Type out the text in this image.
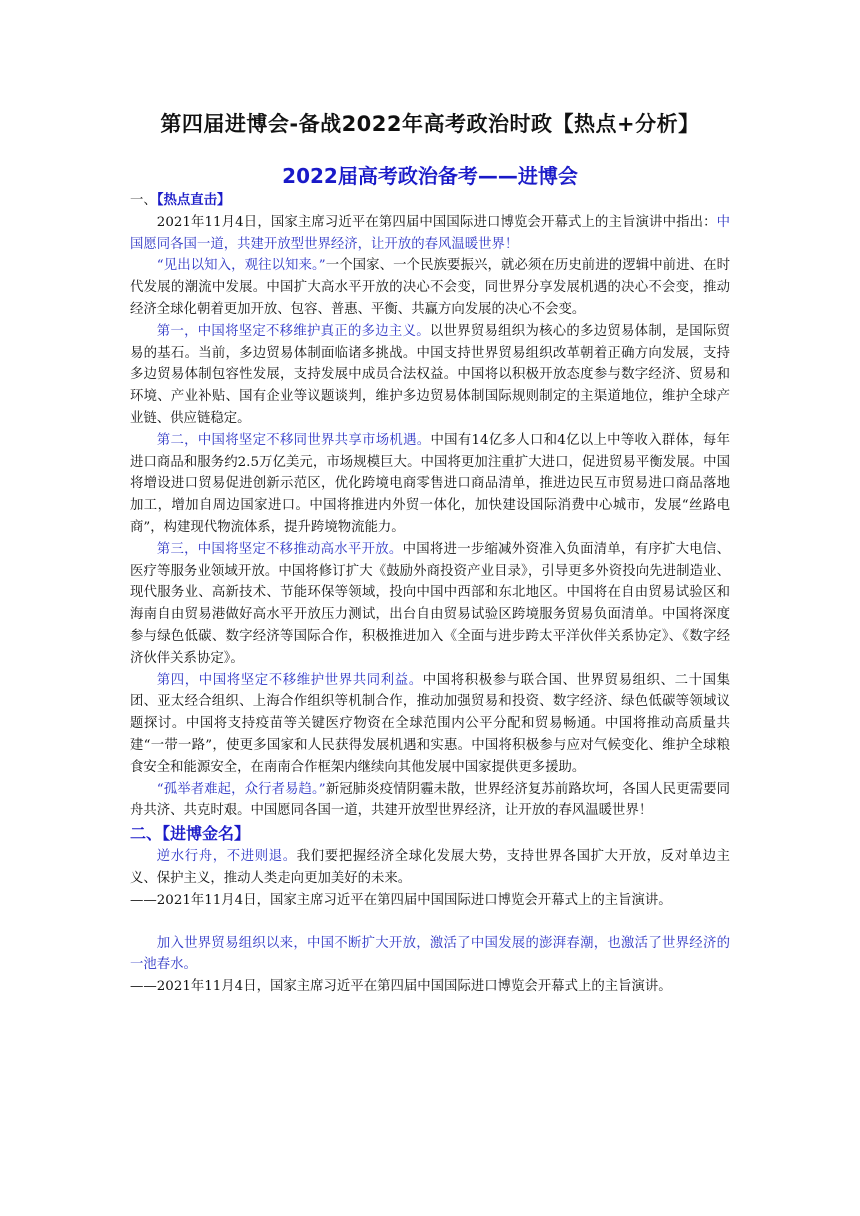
第四届进博会-备战2022年高考政治时政【热点+分析】
2022届高考政治备考——进博会

一、【热点直击】

2021年11月4日，国家主席习近平在第四届中国国际进口博览会开幕式上的主旨演讲中指出：中国愿同各国一道，共建开放型世界经济，让开放的春风温暖世界！

“见出以知入，观往以知来。”一个国家、一个民族要振兴，就必须在历史前进的逻辑中前进、在时代发展的潮流中发展。中国扩大高水平开放的决心不会变，同世界分享发展机遇的决心不会变，推动经济全球化朝着更加开放、包容、普惠、平衡、共赢方向发展的决心不会变。

第一，中国将坚定不移维护真正的多边主义。以世界贸易组织为核心的多边贸易体制，是国际贸易的基石。当前，多边贸易体制面临诸多挑战。中国支持世界贸易组织改革朝着正确方向发展，支持多边贸易体制包容性发展，支持发展中成员合法权益。中国将以积极开放态度参与数字经济、贸易和环境、产业补贴、国有企业等议题谈判，维护多边贸易体制国际规则制定的主渠道地位，维护全球产业链、供应链稳定。

第二，中国将坚定不移同世界共享市场机遇。中国有14亿多人口和4亿以上中等收入群体，每年进口商品和服务约2.5万亿美元，市场规模巨大。中国将更加注重扩大进口，促进贸易平衡发展。中国将增设进口贸易促进创新示范区，优化跨境电商零售进口商品清单，推进边民互市贸易进口商品落地加工，增加自周边国家进口。中国将推进内外贸一体化，加快建设国际消费中心城市，发展“丝路电商”，构建现代物流体系，提升跨境物流能力。

第三，中国将坚定不移推动高水平开放。中国将进一步缩减外资准入负面清单，有序扩大电信、医疗等服务业领域开放。中国将修订扩大《鼓励外商投资产业目录》，引导更多外资投向先进制造业、现代服务业、高新技术、节能环保等领域，投向中国中西部和东北地区。中国将在自由贸易试验区和海南自由贸易港做好高水平开放压力测试，出台自由贸易试验区跨境服务贸易负面清单。中国将深度参与绿色低碳、数字经济等国际合作，积极推进加入《全面与进步跨太平洋伙伴关系协定》、《数字经济伙伴关系协定》。

第四，中国将坚定不移维护世界共同利益。中国将积极参与联合国、世界贸易组织、二十国集团、亚太经合组织、上海合作组织等机制合作，推动加强贸易和投资、数字经济、绿色低碳等领域议题探讨。中国将支持疫苗等关键医疗物资在全球范围内公平分配和贸易畅通。中国将推动高质量共建“一带一路”，使更多国家和人民获得发展机遇和实惠。中国将积极参与应对气候变化、维护全球粮食安全和能源安全，在南南合作框架内继续向其他发展中国家提供更多援助。

“孤举者难起，众行者易趋。”新冠肺炎疫情阴霾未散，世界经济复苏前路坎坷，各国人民更需要同舟共济、共克时艰。中国愿同各国一道，共建开放型世界经济，让开放的春风温暖世界！

二、【进博金名】

逆水行舟，不进则退。我们要把握经济全球化发展大势，支持世界各国扩大开放，反对单边主义、保护主义，推动人类走向更加美好的未来。

——2021年11月4日，国家主席习近平在第四届中国国际进口博览会开幕式上的主旨演讲。

加入世界贸易组织以来，中国不断扩大开放，激活了中国发展的澎湃春潮，也激活了世界经济的一池春水。

——2021年11月4日，国家主席习近平在第四届中国国际进口博览会开幕式上的主旨演讲。
